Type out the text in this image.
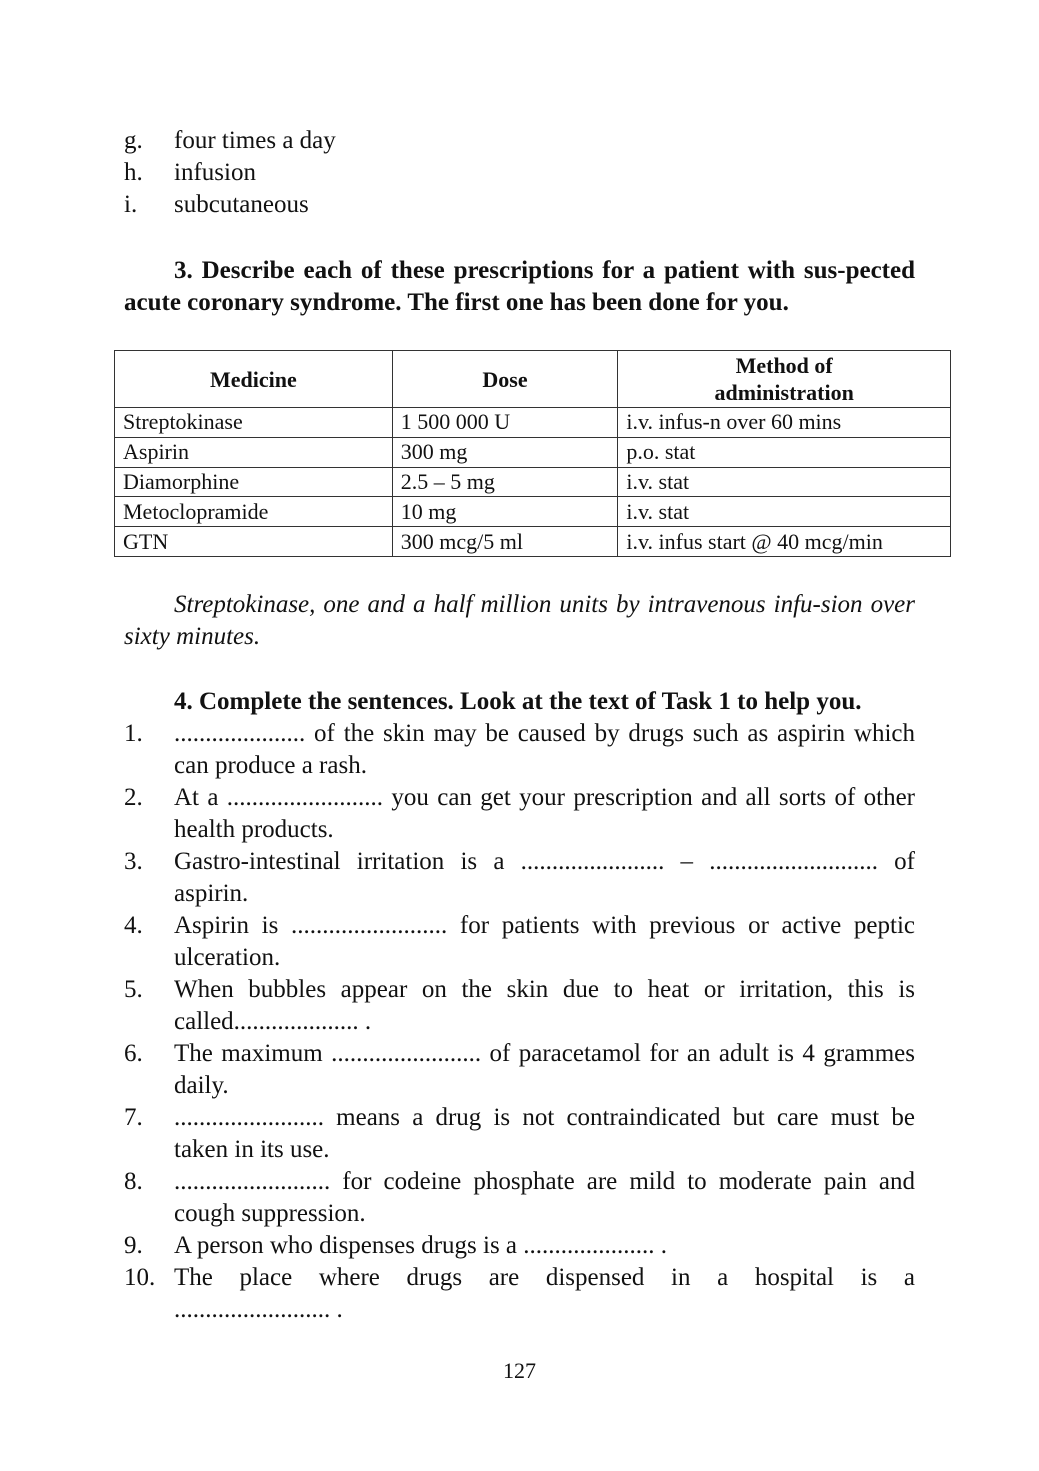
g. four times a day
h. infusion
i. subcutaneous
3. Describe each of these prescriptions for a patient with sus-pected acute coronary syndrome. The first one has been done for you.
Medicine	Dose	Method of administration
Streptokinase	1 500 000 U	i.v. infus-n over 60 mins
Aspirin	300 mg	p.o. stat
Diamorphine	2.5 – 5 mg	i.v. stat
Metoclopramide	10 mg	i.v. stat
GTN	300 mcg/5 ml	i.v. infus start @ 40 mcg/min
Streptokinase, one and a half million units by intravenous infu-sion over sixty minutes.
4. Complete the sentences. Look at the text of Task 1 to help you.
1. ..................... of the skin may be caused by drugs such as aspirin which can produce a rash.
2. At a ......................... you can get your prescription and all sorts of other health products.
3. Gastro-intestinal irritation is a ....................... – ........................... of aspirin.
4. Aspirin is ......................... for patients with previous or active peptic ulceration.
5. When bubbles appear on the skin due to heat or irritation, this is called.................... .
6. The maximum ........................ of paracetamol for an adult is 4 grammes daily.
7. ........................ means a drug is not contraindicated but care must be taken in its use.
8. ......................... for codeine phosphate are mild to moderate pain and cough suppression.
9. A person who dispenses drugs is a ..................... .
10. The place where drugs are dispensed in a hospital is a
......................... .
127
